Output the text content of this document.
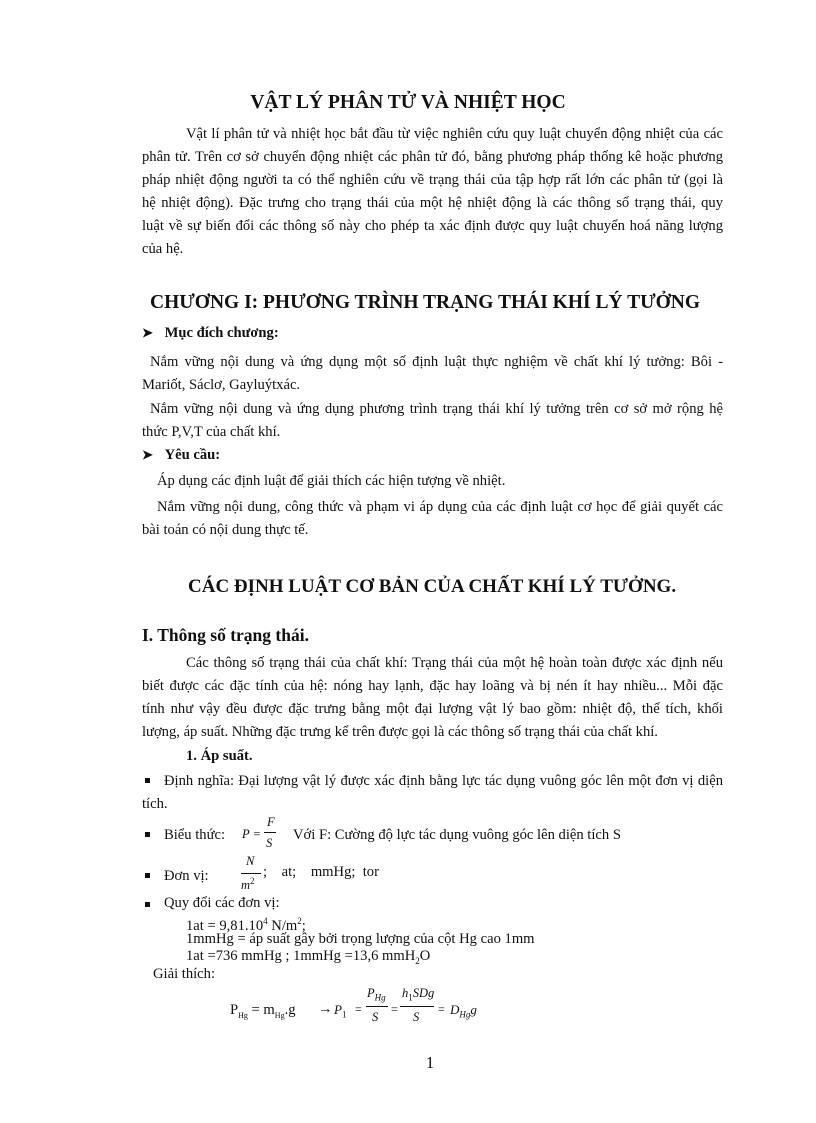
VẬT LÝ PHÂN TỬ VÀ NHIỆT HỌC
Vật lí phân tử và nhiệt học bắt đầu từ việc nghiên cứu quy luật chuyển động nhiệt của các
phân tử. Trên cơ sở chuyển động nhiệt các phân tử đó, bằng phương pháp thống kê hoặc phương
pháp nhiệt động người ta có thể nghiên cứu về trạng thái của tập hợp rất lớn các phân tử (gọi là
hệ nhiệt động). Đặc trưng cho trạng thái của một hệ nhiệt động là các thông số trạng thái, quy
luật về sự biến đổi các thông số này cho phép ta xác định được quy luật chuyển hoá năng lượng
của hệ.
CHƯƠNG I: PHƯƠNG TRÌNH TRẠNG THÁI KHÍ LÝ TƯỞNG
➤ Mục đích chương:
Nắm vững nội dung và ứng dụng một số định luật thực nghiệm về chất khí lý tưởng: Bôi -
Mariốt, Sáclơ, Gayluýtxác.
Nắm vững nội dung và ứng dụng phương trình trạng thái khí lý tưởng trên cơ sở mở rộng hệ
thức P,V,T của chất khí.
➤ Yêu cầu:
Áp dụng các định luật để giải thích các hiện tượng về nhiệt.
Nắm vững nội dung, công thức và phạm vi áp dụng của các định luật cơ học để giải quyết các
bài toán có nội dung thực tế.
CÁC ĐỊNH LUẬT CƠ BẢN CỦA CHẤT KHÍ LÝ TƯỞNG.
I. Thông số trạng thái.
Các thông số trạng thái của chất khí: Trạng thái của một hệ hoàn toàn được xác định nếu
biết được các đặc tính của hệ: nóng hay lạnh, đặc hay loãng và bị nén ít hay nhiều... Mỗi đặc
tính như vậy đều được đặc trưng bằng một đại lượng vật lý bao gồm: nhiệt độ, thể tích, khối
lượng, áp suất. Những đặc trưng kể trên được gọi là các thông số trạng thái của chất khí.
1. Áp suất.
Định nghĩa: Đại lượng vật lý được xác định bằng lực tác dụng vuông góc lên một đơn vị diện
tích.
Biểu thức: P =
F
S Với F: Cường độ lực tác dụng vuông góc lên diện tích S
Đơn vị:
N
$m^2$
;    at;    mmHg;  tor
Quy đổi các đơn vị:
$1at = 9,81.10^4$ $N/m^2$;
1mmHg = áp suất gây bởi trọng lượng của cột Hg cao 1mm
1at =736 mmHg ; 1mmHg =13,6 mmH$_2$O
Giải thích:
$P_{Hg} = m_{Hg}.g \to P_1$ =
$P_{Hg}$
S
=
$h_1SDg$
S
= $D_{Hg}g$
1
